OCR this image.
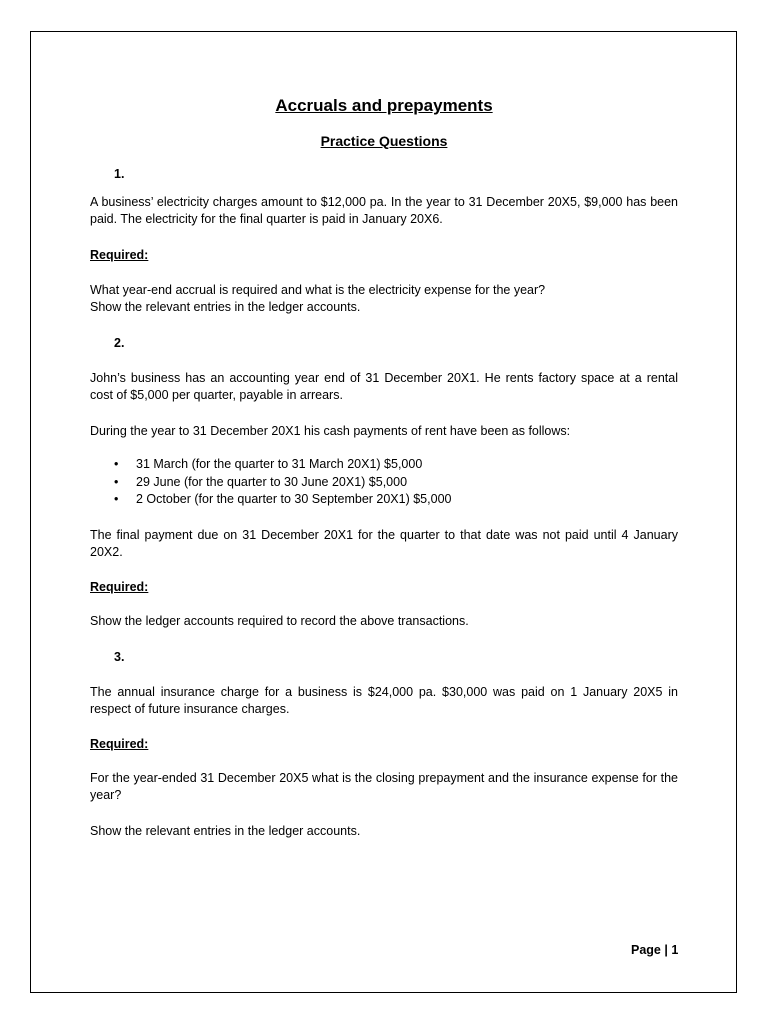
Accruals and prepayments
Practice Questions
1.

A business’ electricity charges amount to $12,000 pa. In the year to 31 December 20X5, $9,000 has been paid. The electricity for the final quarter is paid in January 20X6.

Required:

What year-end accrual is required and what is the electricity expense for the year?

Show the relevant entries in the ledger accounts.

2.

John’s business has an accounting year end of 31 December 20X1. He rents factory space at a rental cost of $5,000 per quarter, payable in arrears.

During the year to 31 December 20X1 his cash payments of rent have been as follows:

• 31 March (for the quarter to 31 March 20X1) $5,000
• 29 June (for the quarter to 30 June 20X1) $5,000
• 2 October (for the quarter to 30 September 20X1) $5,000

The final payment due on 31 December 20X1 for the quarter to that date was not paid until 4 January 20X2.

Required:

Show the ledger accounts required to record the above transactions.

3.

The annual insurance charge for a business is $24,000 pa. $30,000 was paid on 1 January 20X5 in respect of future insurance charges.

Required:

For the year-ended 31 December 20X5 what is the closing prepayment and the insurance expense for the year?

Show the relevant entries in the ledger accounts.

Page | 1
